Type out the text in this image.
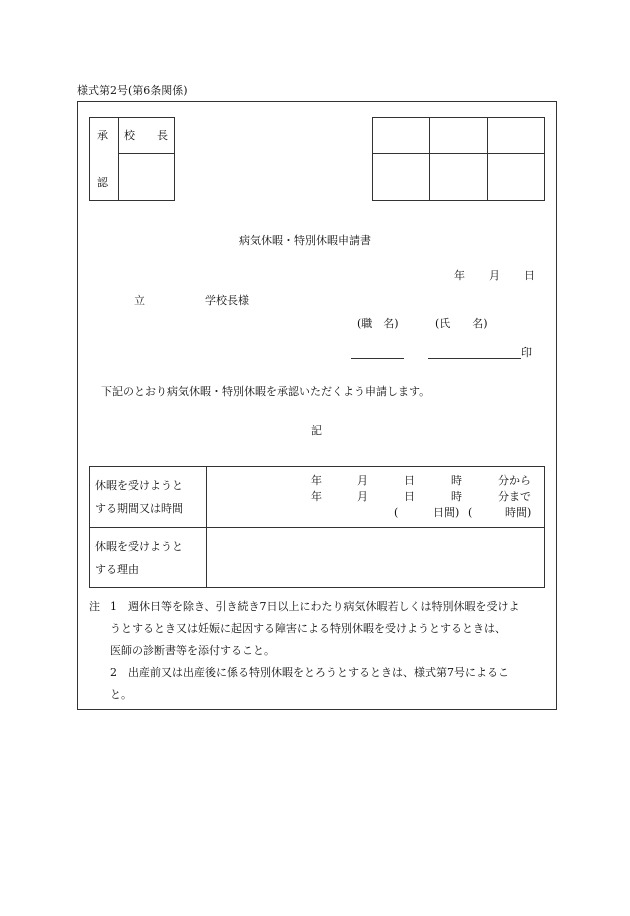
様式第2号(第6条関係)
承
認
校　　長
病気休暇・特別休暇申請書
年 月 日
立	学校長様
(職　名)	(氏　　名)
印
下記のとおり病気休暇・特別休暇を承認いただくよう申請します。
記
休暇を受けようと
する期間又は時間
年	月	日	時	分から
年	月	日	時	分まで
(	日間) (	時間)
休暇を受けようと
する理由
注 1 週休日等を除き、引き続き7日以上にわたり病気休暇若しくは特別休暇を受けよ
うとするとき又は妊娠に起因する障害による特別休暇を受けようとするときは、
医師の診断書等を添付すること。
2 出産前又は出産後に係る特別休暇をとろうとするときは、様式第7号によるこ
と。
